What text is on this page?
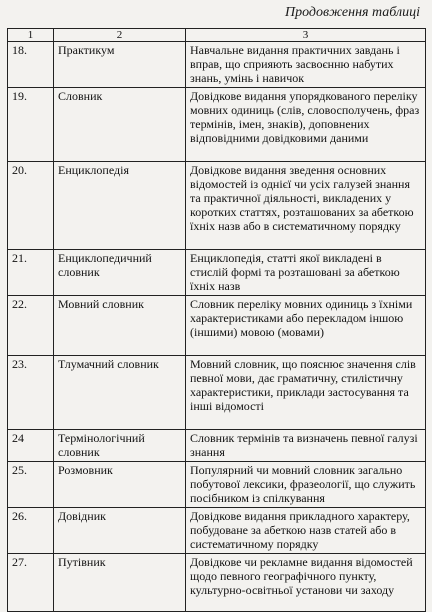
Продовження таблиці
1	2	3
18.	Практикум	Навчальне видання практичних завдань і вправ, що сприяють засвоєнню набутих знань, умінь і навичок
19.	Словник	Довідкове видання упорядкованого переліку мовних одиниць (слів, словосполучень, фраз термінів, імен, знаків), доповнених відповідними довідковими даними
20.	Енциклопедія	Довідкове видання зведення основних відомостей із однієї чи усіх галузей знання та практичної діяльності, викладених у коротких статтях, розташованих за абеткою їхніх назв або в систематичному порядку
21.	Енциклопедичний словник	Енциклопедія, статті якої викладені в стислій формі та розташовані за абеткою їхніх назв
22.	Мовний словник	Словник переліку мовних одиниць з їхніми характеристиками або перекладом іншою (іншими) мовою (мовами)
23.	Тлумачний словник	Мовний словник, що пояснює значення слів певної мови, дає граматичну, стилістичну характеристики, приклади застосування та інші відомості
24	Термінологічний словник	Словник термінів та визначень певної галузі знання
25.	Розмовник	Популярний чи мовний словник загально побутової лексики, фразеології, що служить посібником із спілкування
26.	Довідник	Довідкове видання прикладного характеру, побудоване за абеткою назв статей або в систематичному порядку
27.	Путівник	Довідкове чи рекламне видання відомостей щодо певного географічного пункту, культурно-освітньої установи чи заходу
